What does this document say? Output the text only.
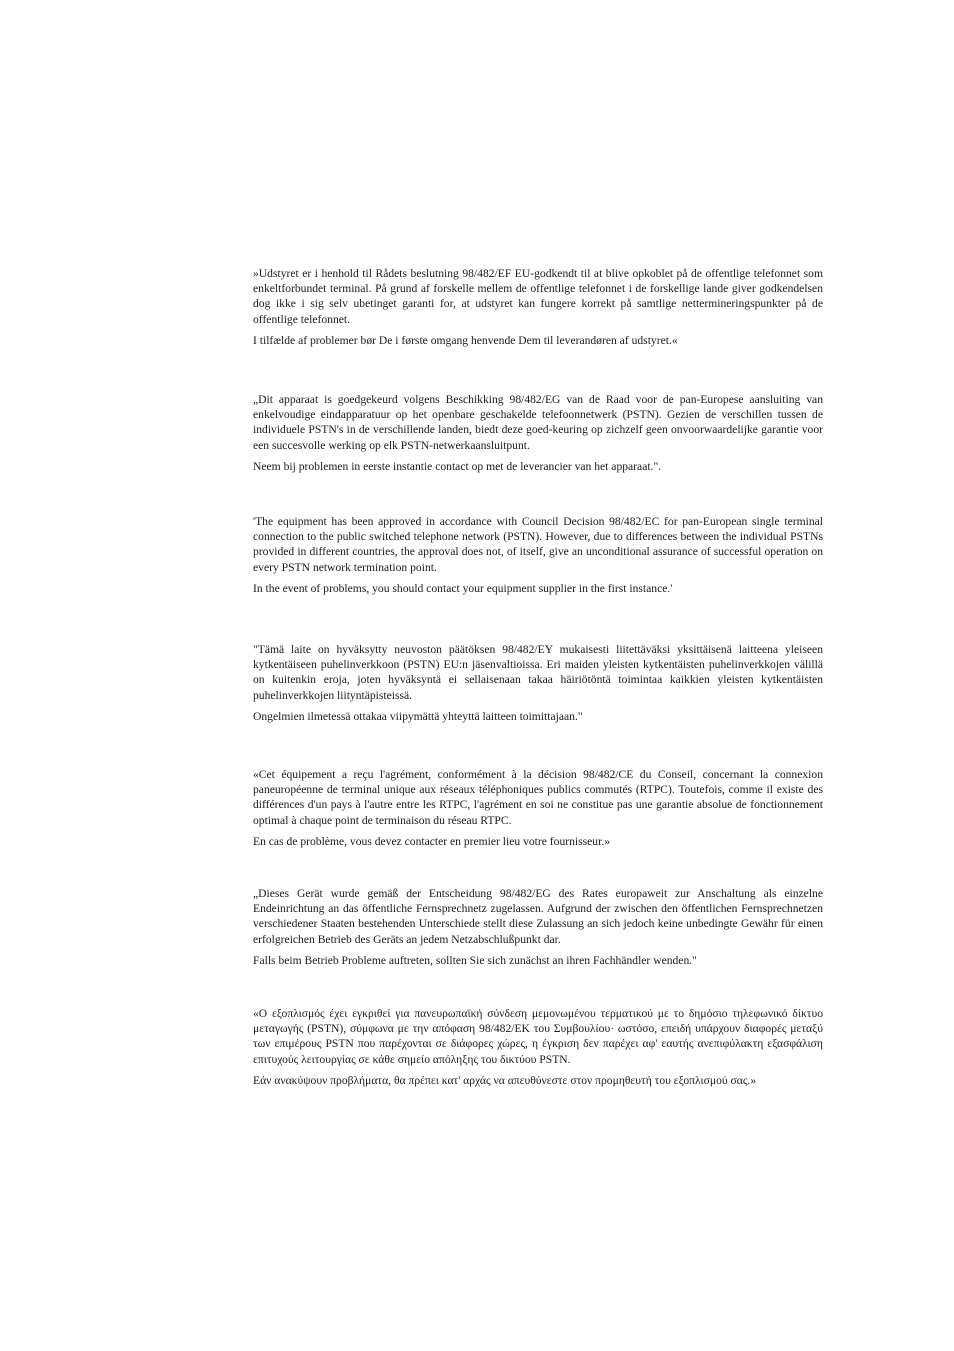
»Udstyret er i henhold til Rådets beslutning 98/482/EF EU-godkendt til at blive opkoblet på de offentlige telefonnet som enkeltforbundet terminal. På grund af forskelle mellem de offentlige telefonnet i de forskellige lande giver godkendelsen dog ikke i sig selv ubetinget garanti for, at udstyret kan fungere korrekt på samtlige nettermineringspunkter på de offentlige telefonnet.

I tilfælde af problemer bør De i første omgang henvende Dem til leverandøren af udstyret.«

„Dit apparaat is goedgekeurd volgens Beschikking 98/482/EG van de Raad voor de pan-Europese aansluiting van enkelvoudige eindapparatuur op het openbare geschakelde telefoonnetwerk (PSTN). Gezien de verschillen tussen de individuele PSTN's in de verschillende landen, biedt deze goed-keuring op zichzelf geen onvoorwaardelijke garantie voor een succesvolle werking op elk PSTN-netwerkaansluitpunt.

Neem bij problemen in eerste instantie contact op met de leverancier van het apparaat.".

'The equipment has been approved in accordance with Council Decision 98/482/EC for pan-European single terminal connection to the public switched telephone network (PSTN). However, due to differences between the individual PSTNs provided in different countries, the approval does not, of itself, give an unconditional assurance of successful operation on every PSTN network termination point.

In the event of problems, you should contact your equipment supplier in the first instance.'

"Tämä laite on hyväksytty neuvoston päätöksen 98/482/EY mukaisesti liitettäväksi yksittäisenä laitteena yleiseen kytkentäiseen puhelinverkkoon (PSTN) EU:n jäsenvaltioissa. Eri maiden yleisten kytkentäisten puhelinverkkojen välillä on kuitenkin eroja, joten hyväksyntä ei sellaisenaan takaa häiriötöntä toimintaa kaikkien yleisten kytkentäisten puhelinverkkojen liityntäpisteissä.

Ongelmien ilmetessä ottakaa viipymättä yhteyttä laitteen toimittajaan."

«Cet équipement a reçu l'agrément, conformément à la décision 98/482/CE du Conseil, concernant la connexion paneuropéenne de terminal unique aux réseaux téléphoniques publics commutés (RTPC). Toutefois, comme il existe des différences d'un pays à l'autre entre les RTPC, l'agrément en soi ne constitue pas une garantie absolue de fonctionnement optimal à chaque point de terminaison du réseau RTPC.

En cas de problème, vous devez contacter en premier lieu votre fournisseur.»

„Dieses Gerät wurde gemäß der Entscheidung 98/482/EG des Rates europaweit zur Anschaltung als einzelne Endeinrichtung an das öffentliche Fernsprechnetz zugelassen. Aufgrund der zwischen den öffentlichen Fernsprechnetzen verschiedener Staaten bestehenden Unterschiede stellt diese Zulassung an sich jedoch keine unbedingte Gewähr für einen erfolgreichen Betrieb des Geräts an jedem Netzabschlußpunkt dar.

Falls beim Betrieb Probleme auftreten, sollten Sie sich zunächst an ihren Fachhändler wenden."

«Ο εξοπλισμός έχει εγκριθεί για πανευρωπαϊκή σύνδεση μεμονωμένου τερματικού με το δημόσιο τηλεφωνικό δίκτυο μεταγωγής (PSTN), σύμφωνα με την απόφαση 98/482/ΕΚ του Συμβουλίου· ωστόσο, επειδή υπάρχουν διαφορές μεταξύ των επιμέρους PSTN που παρέχονται σε διάφορες χώρες, η έγκριση δεν παρέχει αφ' εαυτής ανεπιφύλακτη εξασφάλιση επιτυχούς λειτουργίας σε κάθε σημείο απόληξης του δικτύου PSTN.

Εάν ανακύψουν προβλήματα, θα πρέπει κατ' αρχάς να απευθύνεστε στον προμηθευτή του εξοπλισμού σας.»
